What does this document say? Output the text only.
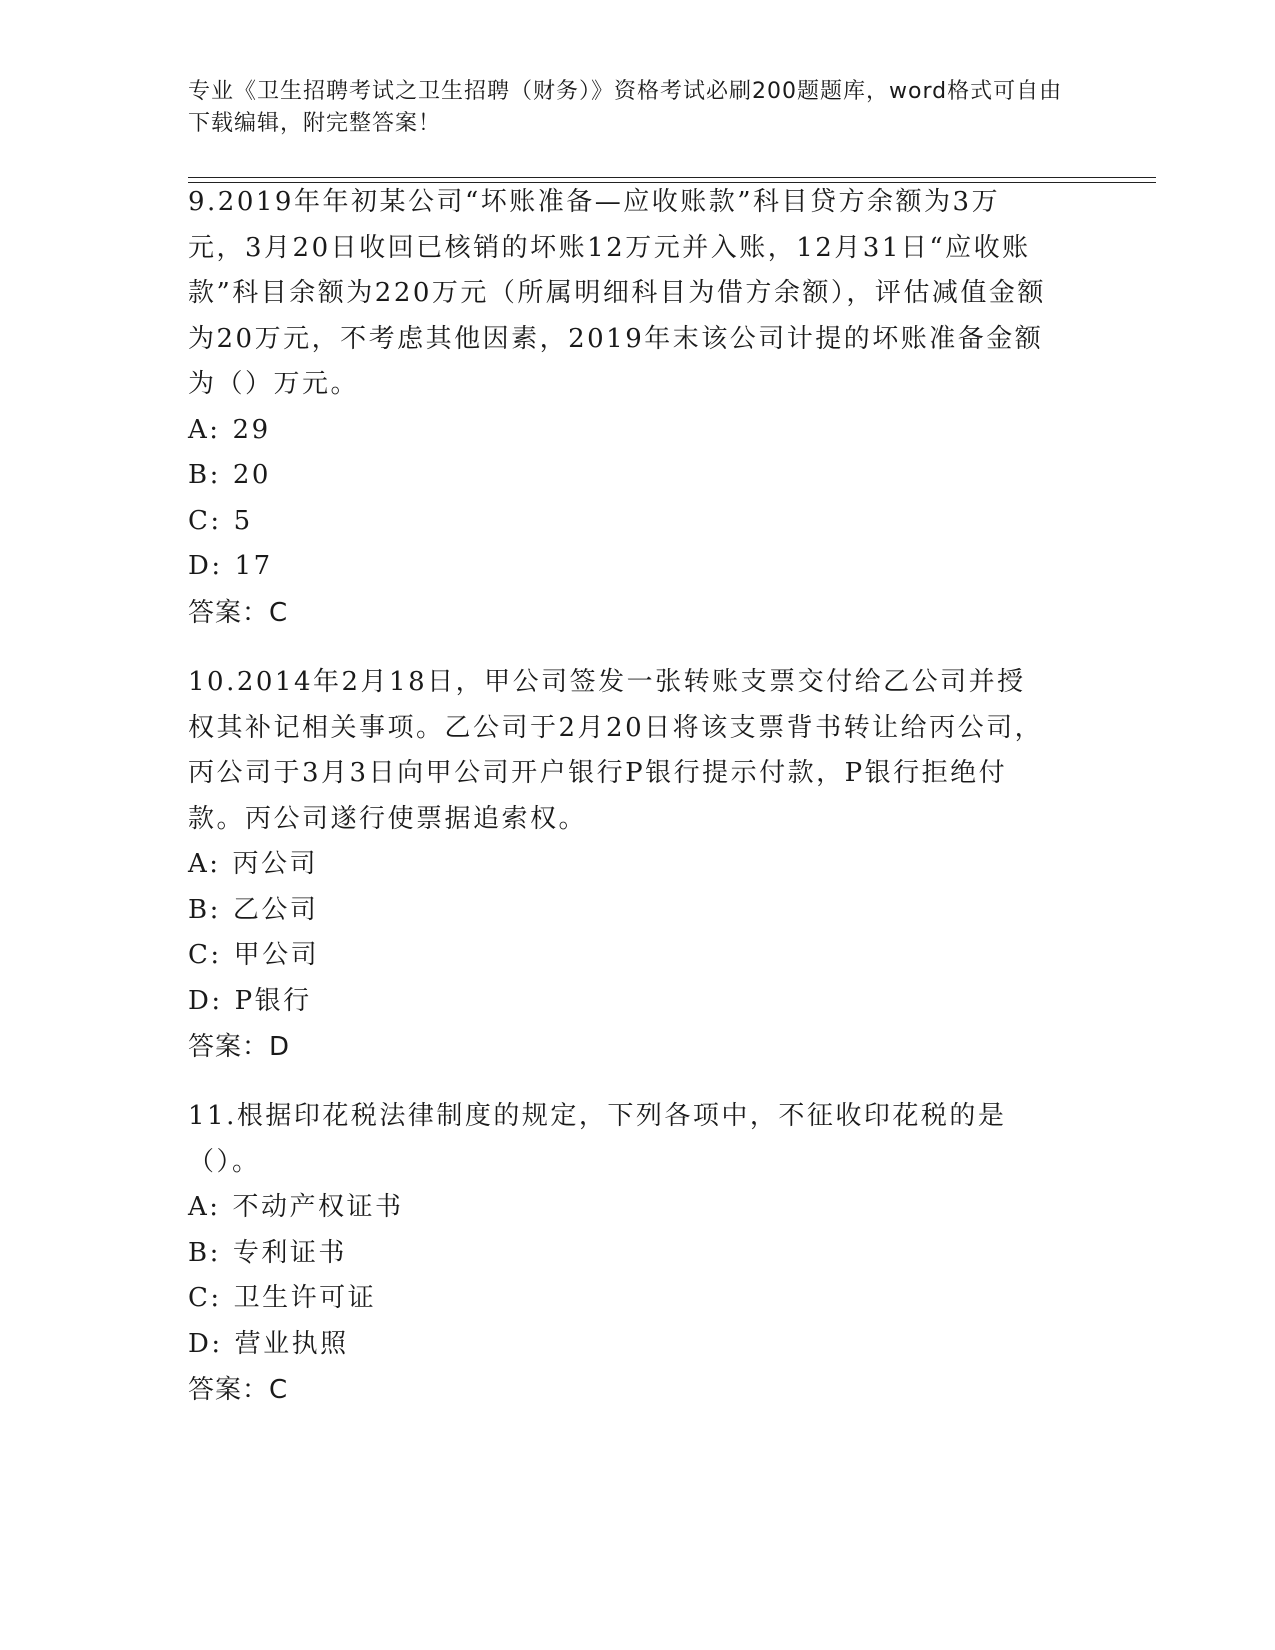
专业《卫生招聘考试之卫生招聘（财务）》资格考试必刷200题题库，word格式可自由下载编辑，附完整答案！

9.2019年年初某公司“坏账准备—应收账款”科目贷方余额为3万元，3月20日收回已核销的坏账12万元并入账，12月31日“应收账款”科目余额为220万元（所属明细科目为借方余额），评估减值金额为20万元，不考虑其他因素，2019年末该公司计提的坏账准备金额为（）万元。

A: 29

B: 20

C: 5

D: 17

答案：C

10.2014年2月18日，甲公司签发一张转账支票交付给乙公司并授权其补记相关事项。乙公司于2月20日将该支票背书转让给丙公司，丙公司于3月3日向甲公司开户银行P银行提示付款，P银行拒绝付款。丙公司遂行使票据追索权。

A: 丙公司

B: 乙公司

C: 甲公司

D: P银行

答案：D

11.根据印花税法律制度的规定，下列各项中，不征收印花税的是（）。

A: 不动产权证书

B: 专利证书

C: 卫生许可证

D: 营业执照

答案：C
